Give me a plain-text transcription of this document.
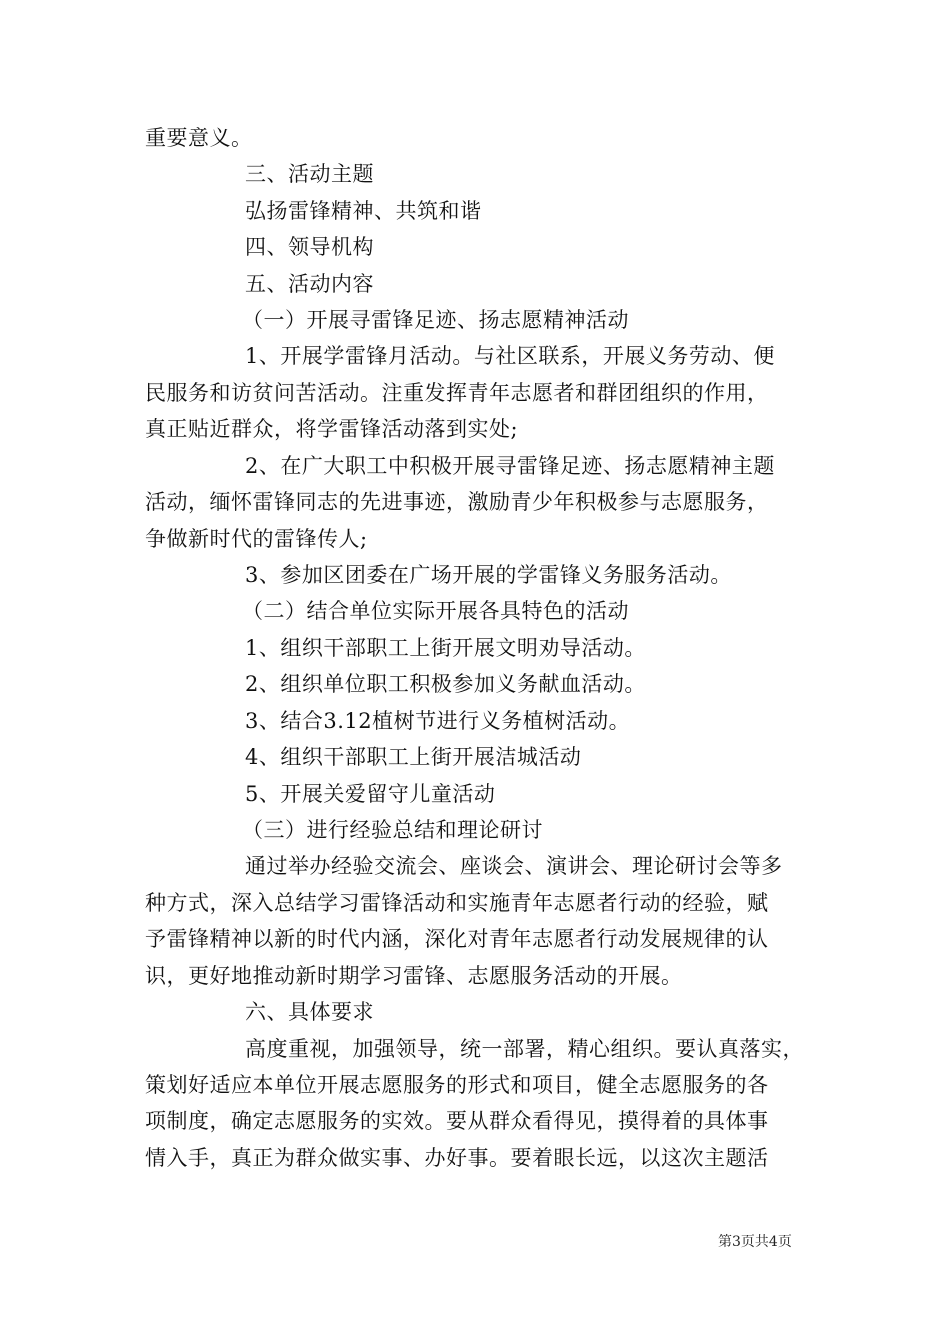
重要意义。
三、活动主题
弘扬雷锋精神、共筑和谐
四、领导机构
五、活动内容
（一）开展寻雷锋足迹、扬志愿精神活动
1、开展学雷锋月活动。与社区联系，开展义务劳动、便
民服务和访贫问苦活动。注重发挥青年志愿者和群团组织的作用，
真正贴近群众，将学雷锋活动落到实处;
2、在广大职工中积极开展寻雷锋足迹、扬志愿精神主题
活动，缅怀雷锋同志的先进事迹，激励青少年积极参与志愿服务，
争做新时代的雷锋传人;
3、参加区团委在广场开展的学雷锋义务服务活动。
（二）结合单位实际开展各具特色的活动
1、组织干部职工上街开展文明劝导活动。
2、组织单位职工积极参加义务献血活动。
3、结合3.12植树节进行义务植树活动。
4、组织干部职工上街开展洁城活动
5、开展关爱留守儿童活动
（三）进行经验总结和理论研讨
通过举办经验交流会、座谈会、演讲会、理论研讨会等多
种方式，深入总结学习雷锋活动和实施青年志愿者行动的经验，赋
予雷锋精神以新的时代内涵，深化对青年志愿者行动发展规律的认
识，更好地推动新时期学习雷锋、志愿服务活动的开展。
六、具体要求
高度重视，加强领导，统一部署，精心组织。要认真落实，
策划好适应本单位开展志愿服务的形式和项目，健全志愿服务的各
项制度，确定志愿服务的实效。要从群众看得见，摸得着的具体事
情入手，真正为群众做实事、办好事。要着眼长远，以这次主题活
第3页共4页
